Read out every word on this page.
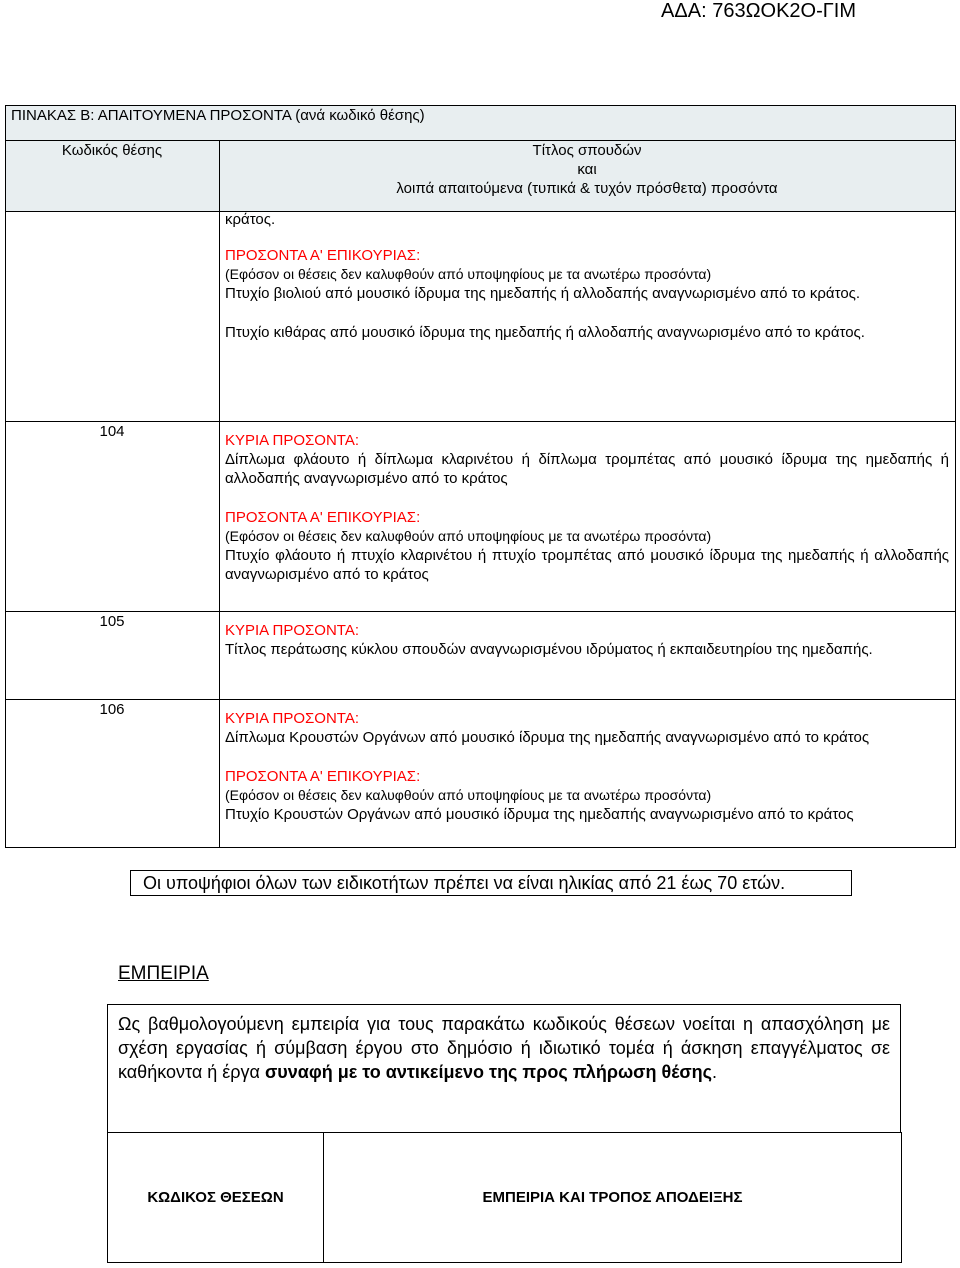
ΑΔΑ: 763ΩΟΚ2Ο-ΓΙΜ
ΠΙΝΑΚΑΣ Β: ΑΠΑΙΤΟΥΜΕΝΑ ΠΡΟΣΟΝΤΑ (ανά κωδικό θέσης)	
Κωδικός θέσης	Τίτλος σπουδών
και
λοιπά απαιτούμενα (τυπικά & τυχόν πρόσθετα) προσόντα

	κράτος.
ΠΡΟΣΟΝΤΑ Α' ΕΠΙΚΟΥΡΙΑΣ:
(Εφόσον οι θέσεις δεν καλυφθούν από υποψηφίους με τα ανωτέρω προσόντα)
Πτυχίο βιολιού από μουσικό ίδρυμα της ημεδαπής ή αλλοδαπής αναγνωρισμένο από το κράτος.
Πτυχίο κιθάρας από μουσικό ίδρυμα της ημεδαπής ή αλλοδαπής αναγνωρισμένο από το κράτος.

104	ΚΥΡΙΑ ΠΡΟΣΟΝΤΑ:
Δίπλωμα φλάουτο ή δίπλωμα κλαρινέτου ή δίπλωμα τρομπέτας από μουσικό ίδρυμα της ημεδαπής ή αλλοδαπής αναγνωρισμένο από το κράτος
ΠΡΟΣΟΝΤΑ Α' ΕΠΙΚΟΥΡΙΑΣ:
(Εφόσον οι θέσεις δεν καλυφθούν από υποψηφίους με τα ανωτέρω προσόντα)
Πτυχίο φλάουτο ή πτυχίο κλαρινέτου ή πτυχίο τρομπέτας από μουσικό ίδρυμα της ημεδαπής ή αλλοδαπής αναγνωρισμένο από το κράτος

105	ΚΥΡΙΑ ΠΡΟΣΟΝΤΑ:
Τίτλος περάτωσης κύκλου σπουδών αναγνωρισμένου ιδρύματος ή εκπαιδευτηρίου της ημεδαπής.

106	ΚΥΡΙΑ ΠΡΟΣΟΝΤΑ:
Δίπλωμα Κρουστών Οργάνων από μουσικό ίδρυμα της ημεδαπής αναγνωρισμένο από το κράτος
ΠΡΟΣΟΝΤΑ Α' ΕΠΙΚΟΥΡΙΑΣ:
(Εφόσον οι θέσεις δεν καλυφθούν από υποψηφίους με τα ανωτέρω προσόντα)
Πτυχίο Κρουστών Οργάνων από μουσικό ίδρυμα της ημεδαπής αναγνωρισμένο από το κράτος
Οι υποψήφιοι όλων των ειδικοτήτων πρέπει να είναι ηλικίας από 21 έως 70 ετών.
ΕΜΠΕΙΡΙΑ
Ως βαθμολογούμενη εμπειρία για τους παρακάτω κωδικούς θέσεων νοείται η απασχόληση με σχέση εργασίας ή σύμβαση έργου στο δημόσιο ή ιδιωτικό τομέα ή άσκηση επαγγέλματος σε καθήκοντα ή έργα συναφή με το αντικείμενο της προς πλήρωση θέσης.
ΚΩΔΙΚΟΣ ΘΕΣΕΩΝ	ΕΜΠΕΙΡΙΑ ΚΑΙ ΤΡΟΠΟΣ ΑΠΟΔΕΙΞΗΣ
